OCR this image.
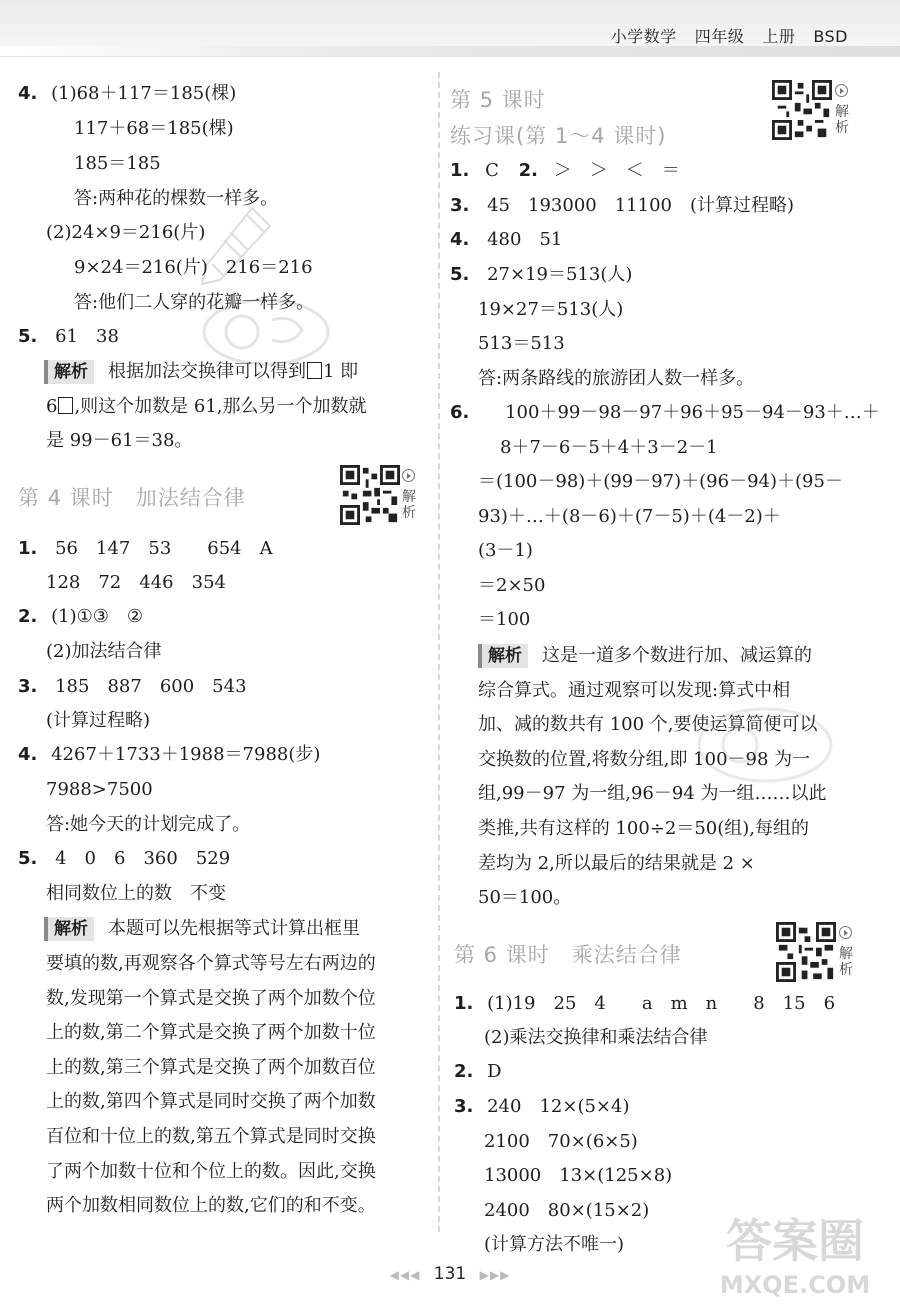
小学数学 四年级 上册 BSD
4. (1)68＋117＝185(棵)
117＋68＝185(棵)
185＝185
答:两种花的棵数一样多。
(2)24×9＝216(片)
9×24＝216(片)　216＝216
答:他们二人穿的花瓣一样多。
5. 61　38
解析 根据加法交换律可以得到 1 即
6 ,则这个加数是 61,那么另一个加数就
是 99－61＝38。
第 4 课时　加法结合律	解析
1. 56　147　53　　654　A
128　72　446　354
2. (1)①③　②
(2)加法结合律
3. 185　887　600　543
(计算过程略)
4. 4267＋1733＋1988＝7988(步)
7988>7500
答:她今天的计划完成了。
5. 4　0　6　360　529
相同数位上的数　不变
解析 本题可以先根据等式计算出框里
要填的数,再观察各个算式等号左右两边的
数,发现第一个算式是交换了两个加数个位
上的数,第二个算式是交换了两个加数十位
上的数,第三个算式是交换了两个加数百位
上的数,第四个算式是同时交换了两个加数
百位和十位上的数,第五个算式是同时交换
了两个加数十位和个位上的数。因此,交换
两个加数相同数位上的数,它们的和不变。
第 5 课时
练习课(第 1～4 课时)
解析
1. C 2. ＞　＞　＜　＝
3. 45　193000　11100　(计算过程略)
4. 480　51
5. 27×19＝513(人)
19×27＝513(人)
513＝513
答:两条路线的旅游团人数一样多。
6. 100＋99－98－97＋96＋95－94－93＋…＋
8＋7－6－5＋4＋3－2－1
＝(100－98)＋(99－97)＋(96－94)＋(95－
93)＋…＋(8－6)＋(7－5)＋(4－2)＋
(3－1)
＝2×50
＝100
解析 这是一道多个数进行加、减运算的
综合算式。通过观察可以发现:算式中相
加、减的数共有 100 个,要使运算简便可以
交换数的位置,将数分组,即 100－98 为一
组,99－97 为一组,96－94 为一组……以此
类推,共有这样的 100÷2＝50(组),每组的
差均为 2,所以最后的结果就是 2 ×
50＝100。
第 6 课时　乘法结合律	解析
1. (1)19　25　4　　a　m　n　　8　15　6
(2)乘法交换律和乘法结合律
2. D
3. 240　12×(5×4)
2100　70×(6×5)
13000　13×(125×8)
2400　80×(15×2)
(计算方法不唯一) 答案圈
MXQE.COM
◀◀◀ 131 ▶▶▶
